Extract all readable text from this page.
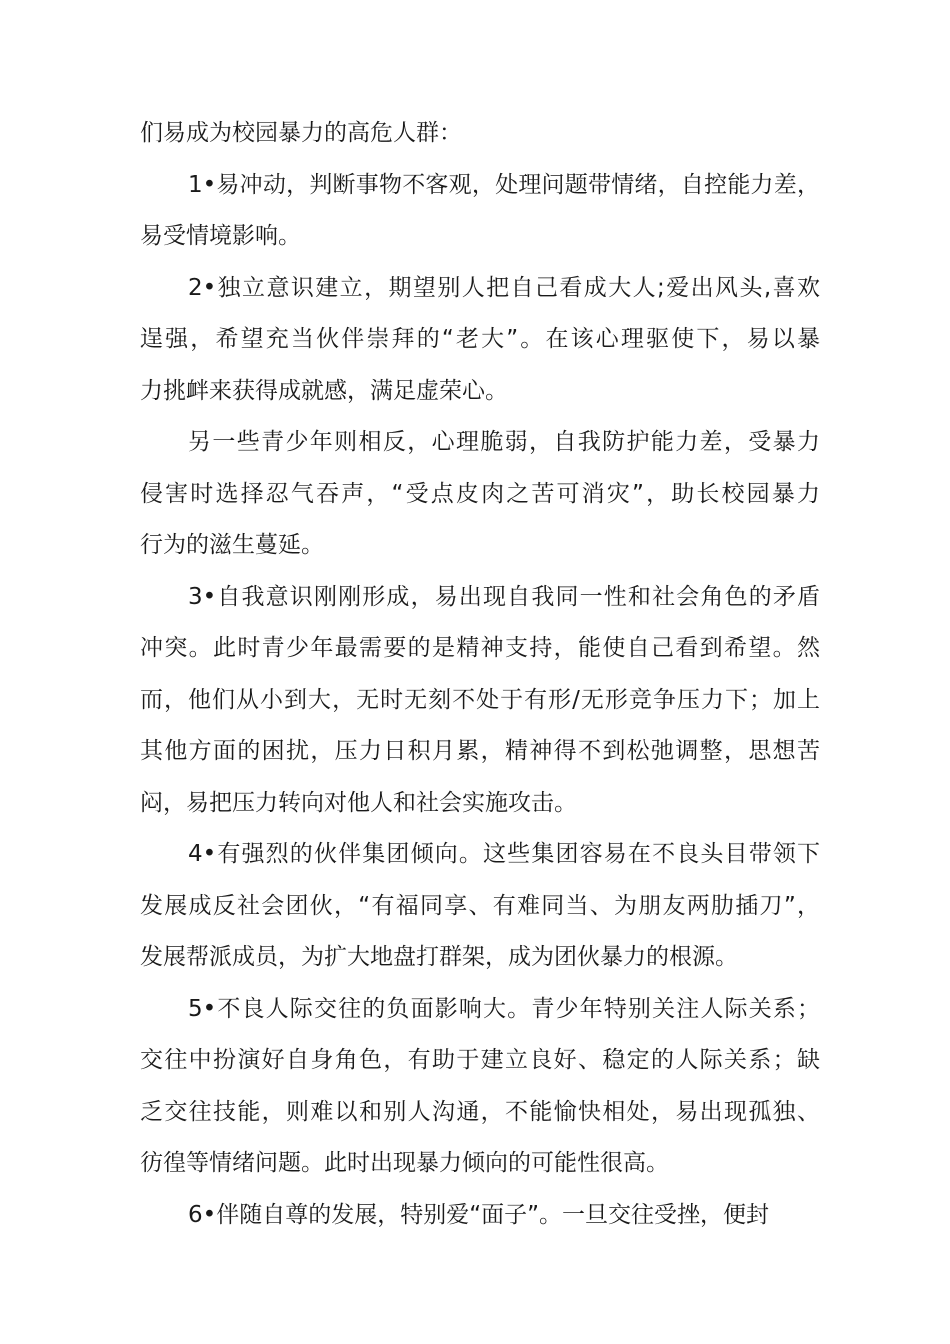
们易成为校园暴力的高危人群：
1•易冲动，判断事物不客观，处理问题带情绪，自控能力差，
易受情境影响。
2•独立意识建立，期望别人把自己看成大人;爱出风头,喜欢
逞强，希望充当伙伴崇拜的“老大”。在该心理驱使下，易以暴
力挑衅来获得成就感，满足虚荣心。
另一些青少年则相反，心理脆弱，自我防护能力差，受暴力
侵害时选择忍气吞声，“受点皮肉之苦可消灾”，助长校园暴力
行为的滋生蔓延。
3•自我意识刚刚形成，易出现自我同一性和社会角色的矛盾
冲突。此时青少年最需要的是精神支持，能使自己看到希望。然
而，他们从小到大，无时无刻不处于有形/无形竞争压力下；加上
其他方面的困扰，压力日积月累，精神得不到松弛调整，思想苦
闷，易把压力转向对他人和社会实施攻击。
4•有强烈的伙伴集团倾向。这些集团容易在不良头目带领下
发展成反社会团伙，“有福同享、有难同当、为朋友两肋插刀”，
发展帮派成员，为扩大地盘打群架，成为团伙暴力的根源。
5•不良人际交往的负面影响大。青少年特别关注人际关系；
交往中扮演好自身角色，有助于建立良好、稳定的人际关系；缺
乏交往技能，则难以和别人沟通，不能愉快相处，易出现孤独、
彷徨等情绪问题。此时出现暴力倾向的可能性很高。
6•伴随自尊的发展，特别爱“面子”。一旦交往受挫，便封
